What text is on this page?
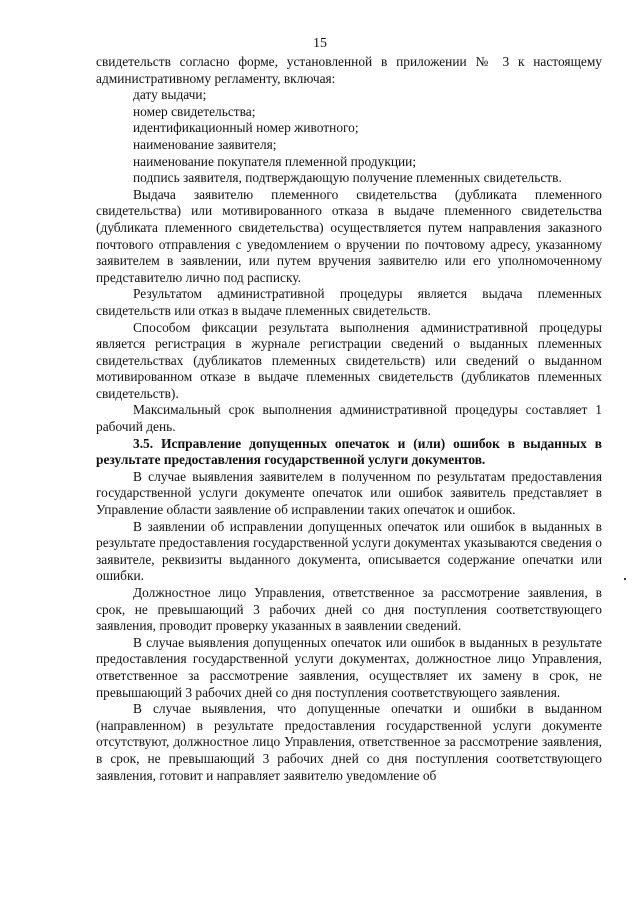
15

свидетельств согласно форме, установленной в приложении № 3 к настоящему административному регламенту, включая:

дату выдачи;

номер свидетельства;

идентификационный номер животного;

наименование заявителя;

наименование покупателя племенной продукции;

подпись заявителя, подтверждающую получение племенных свидетельств.

Выдача заявителю племенного свидетельства (дубликата племенного свидетельства) или мотивированного отказа в выдаче племенного свидетельства (дубликата племенного свидетельства) осуществляется путем направления заказного почтового отправления с уведомлением о вручении по почтовому адресу, указанному заявителем в заявлении, или путем вручения заявителю или его уполномоченному представителю лично под расписку.

Результатом административной процедуры является выдача племенных свидетельств или отказ в выдаче племенных свидетельств.

Способом фиксации результата выполнения административной процедуры является регистрация в журнале регистрации сведений о выданных племенных свидетельствах (дубликатов племенных свидетельств) или сведений о выданном мотивированном отказе в выдаче племенных свидетельств (дубликатов племенных свидетельств).

Максимальный срок выполнения административной процедуры составляет 1 рабочий день.

3.5. Исправление допущенных опечаток и (или) ошибок в выданных в результате предоставления государственной услуги документов.

В случае выявления заявителем в полученном по результатам предоставления государственной услуги документе опечаток или ошибок заявитель представляет в Управление области заявление об исправлении таких опечаток и ошибок.

В заявлении об исправлении допущенных опечаток или ошибок в выданных в результате предоставления государственной услуги документах указываются сведения о заявителе, реквизиты выданного документа, описывается содержание опечатки или ошибки.

Должностное лицо Управления, ответственное за рассмотрение заявления, в срок, не превышающий 3 рабочих дней со дня поступления соответствующего заявления, проводит проверку указанных в заявлении сведений.

В случае выявления допущенных опечаток или ошибок в выданных в результате предоставления государственной услуги документах, должностное лицо Управления, ответственное за рассмотрение заявления, осуществляет их замену в срок, не превышающий 3 рабочих дней со дня поступления соответствующего заявления.

В случае выявления, что допущенные опечатки и ошибки в выданном (направленном) в результате предоставления государственной услуги документе отсутствуют, должностное лицо Управления, ответственное за рассмотрение заявления, в срок, не превышающий 3 рабочих дней со дня поступления соответствующего заявления, готовит и направляет заявителю уведомление об
